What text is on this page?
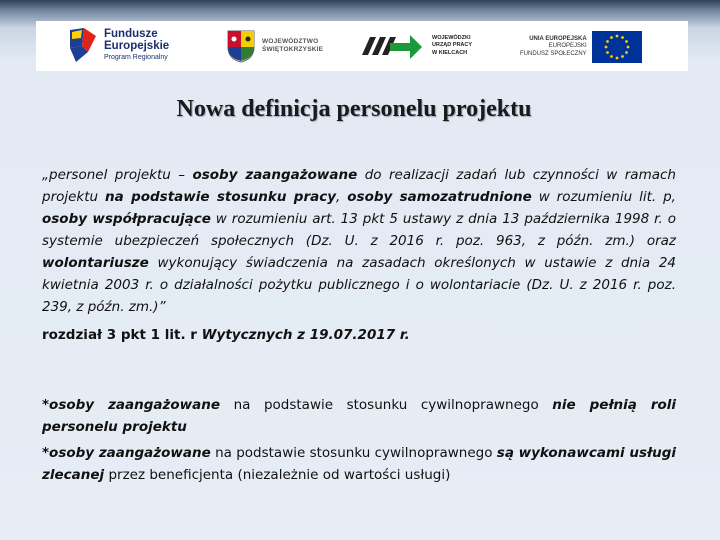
Fundusze
Europejskie
Program Regionalny
WOJEWÓDZTWO
ŚWIĘTOKRZYSKIE
WOJEWÓDZKI
URZĄD PRACY
W KIELCACH
UNIA EUROPEJSKA
EUROPEJSKI
FUNDUSZ SPOŁECZNY
Nowa definicja personelu projektu

„personel projektu – osoby zaangażowane do realizacji zadań lub czynności w ramach projektu na podstawie stosunku pracy, osoby samozatrudnione w rozumieniu lit. p, osoby współpracujące w rozumieniu art. 13 pkt 5 ustawy z dnia 13 października 1998 r. o systemie ubezpieczeń społecznych (Dz. U. z 2016 r. poz. 963, z późn. zm.) oraz wolontariusze wykonujący świadczenia na zasadach określonych w ustawie z dnia 24 kwietnia 2003 r. o działalności pożytku publicznego i o wolontariacie (Dz. U. z 2016 r. poz. 239, z późn. zm.)”

rozdział 3 pkt 1 lit. r Wytycznych z 19.07.2017 r.

*osoby zaangażowane na podstawie stosunku cywilnoprawnego nie pełnią roli personelu projektu

*osoby zaangażowane na podstawie stosunku cywilnoprawnego są wykonawcami usługi zlecanej przez beneficjenta (niezależnie od wartości usługi)
